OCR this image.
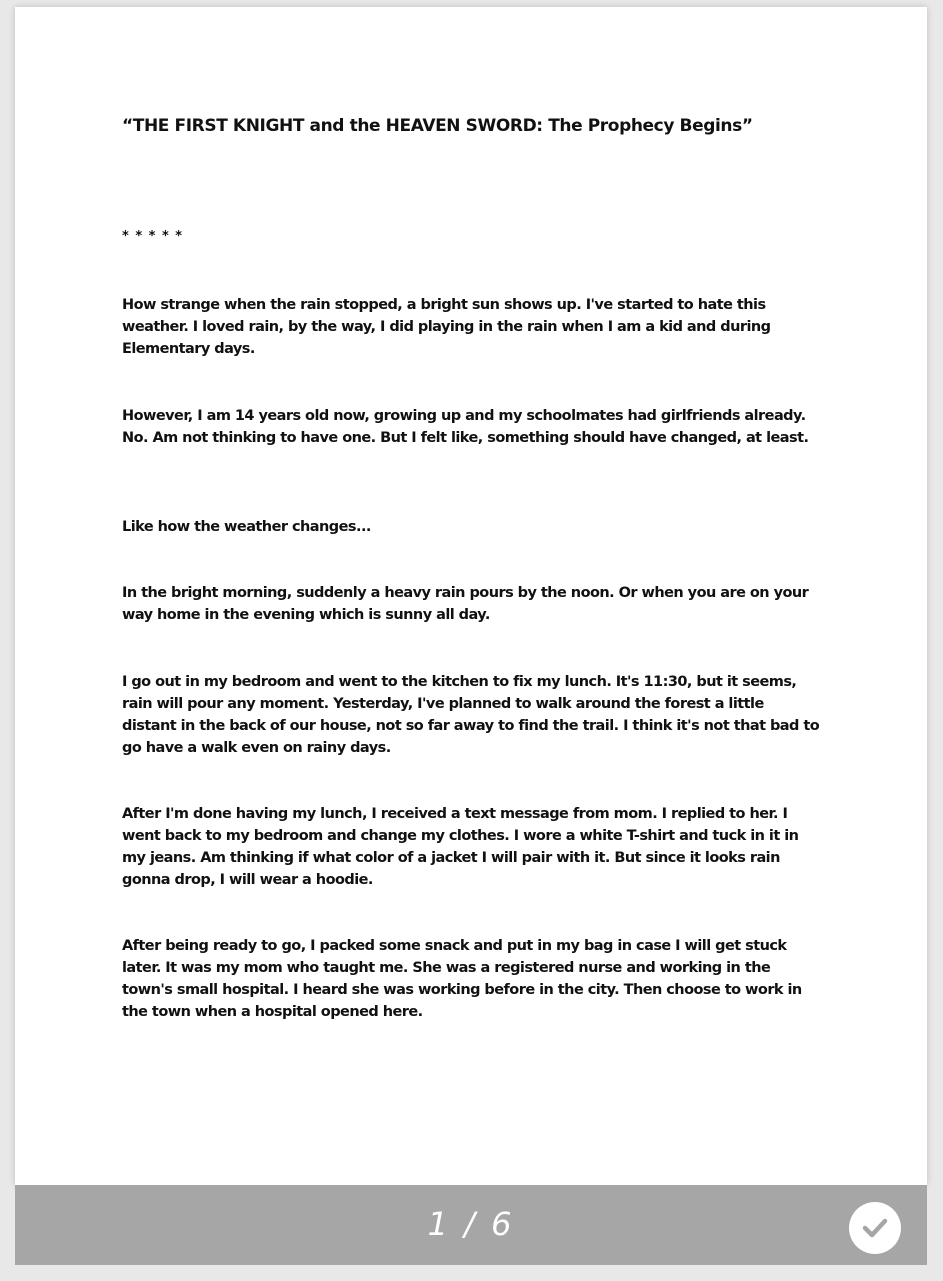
“THE FIRST KNIGHT and the HEAVEN SWORD: The Prophecy Begins”
* * * * *

How strange when the rain stopped, a bright sun shows up. I've started to hate this weather. I loved rain, by the way, I did playing in the rain when I am a kid and during Elementary days.

However, I am 14 years old now, growing up and my schoolmates had girlfriends already. No. Am not thinking to have one. But I felt like, something should have changed, at least.

Like how the weather changes...

In the bright morning, suddenly a heavy rain pours by the noon. Or when you are on your way home in the evening which is sunny all day.

I go out in my bedroom and went to the kitchen to fix my lunch. It's 11:30, but it seems, rain will pour any moment. Yesterday, I've planned to walk around the forest a little distant in the back of our house, not so far away to find the trail. I think it's not that bad to go have a walk even on rainy days.

After I'm done having my lunch, I received a text message from mom. I replied to her. I went back to my bedroom and change my clothes. I wore a white T-shirt and tuck in it in my jeans. Am thinking if what color of a jacket I will pair with it. But since it looks rain gonna drop, I will wear a hoodie.

After being ready to go, I packed some snack and put in my bag in case I will get stuck later. It was my mom who taught me. She was a registered nurse and working in the town's small hospital. I heard she was working before in the city. Then choose to work in the town when a hospital opened here.

1 / 6
